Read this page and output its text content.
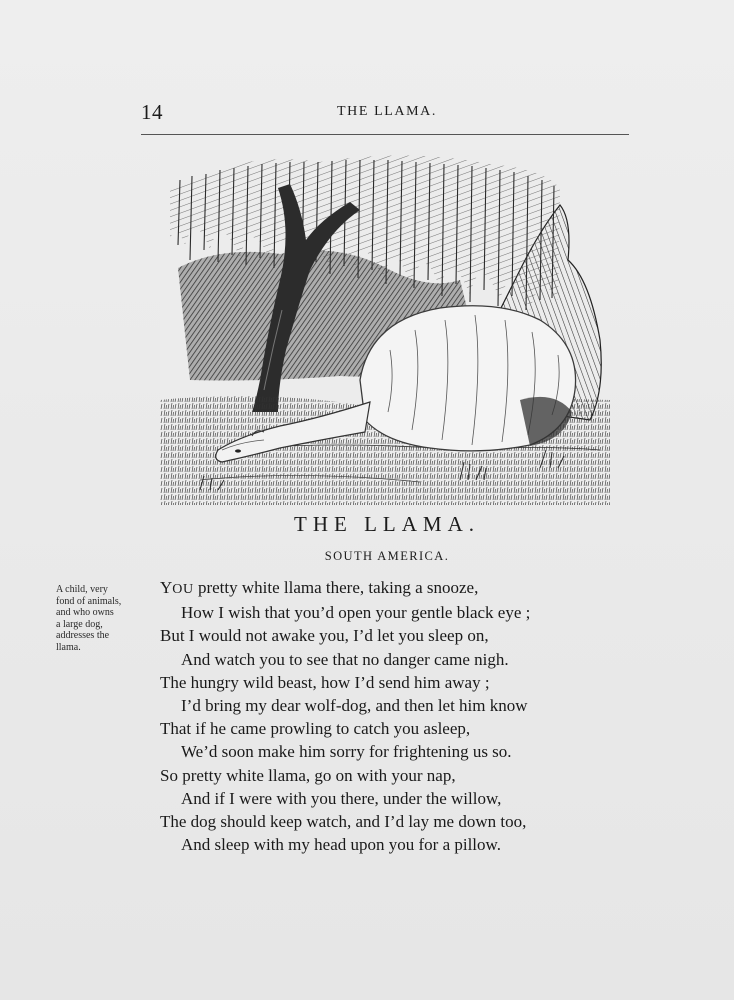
14	THE LLAMA.
THE LLAMA.
SOUTH AMERICA.
A child, very
fond of animals,
and who owns
a large dog,
addresses the
llama.
YOU pretty white llama there, taking a snooze,
How I wish that you’d open your gentle black eye ;
But I would not awake you, I’d let you sleep on,
And watch you to see that no danger came nigh.
The hungry wild beast, how I’d send him away ;
I’d bring my dear wolf-dog, and then let him know
That if he came prowling to catch you asleep,
We’d soon make him sorry for frightening us so.
So pretty white llama, go on with your nap,
And if I were with you there, under the willow,
The dog should keep watch, and I’d lay me down too,
And sleep with my head upon you for a pillow.
